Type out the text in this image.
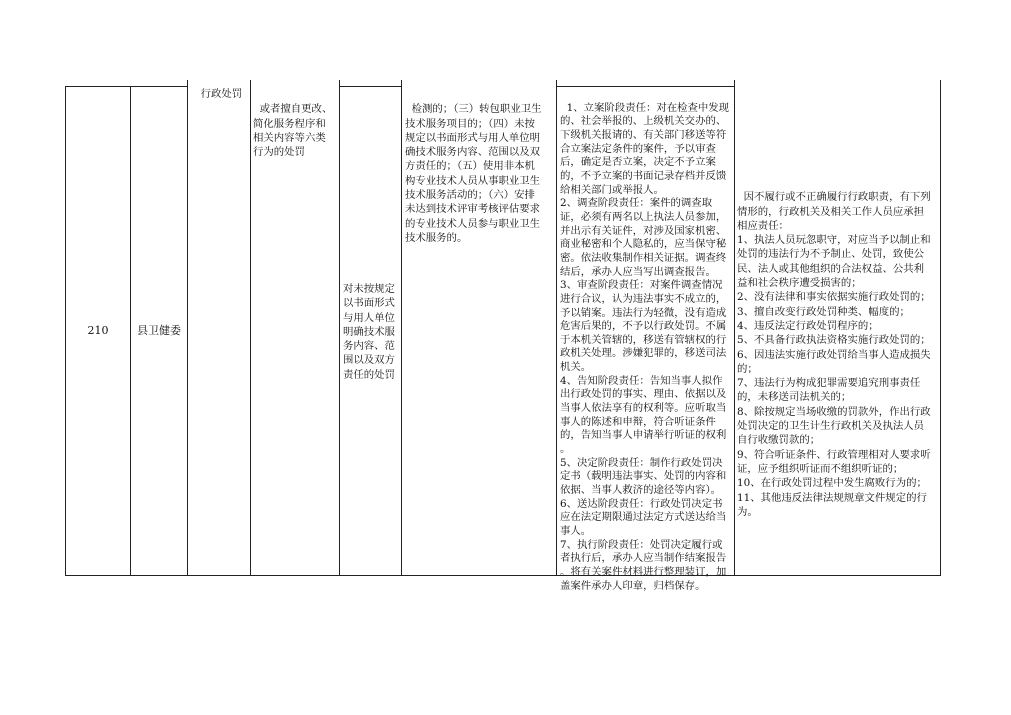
210	县卫健委

行政处罚

或者擅自更改、
简化服务程序和
相关内容等六类
行为的处罚

对未按规定
以书面形式
与用人单位
明确技术服
务内容、范
围以及双方
责任的处罚

检测的；（三）转包职业卫生
技术服务项目的；（四）未按
规定以书面形式与用人单位明
确技术服务内容、范围以及双
方责任的；（五）使用非本机
构专业技术人员从事职业卫生
技术服务活动的；（六）安排
未达到技术评审考核评估要求
的专业技术人员参与职业卫生
技术服务的。

1、立案阶段责任：对在检查中发现
的、社会举报的、上级机关交办的、
下级机关报请的、有关部门移送等符
合立案法定条件的案件，予以审查
后，确定是否立案，决定不予立案
的，不予立案的书面记录存档并反馈
给相关部门或举报人。
2、调查阶段责任：案件的调查取
证，必须有两名以上执法人员参加，
并出示有关证件，对涉及国家机密、
商业秘密和个人隐私的，应当保守秘
密。依法收集制作相关证据。调查终
结后，承办人应当写出调查报告。
3、审查阶段责任：对案件调查情况
进行合议，认为违法事实不成立的，
予以销案。违法行为轻微，没有造成
危害后果的，不予以行政处罚。不属
于本机关管辖的，移送有管辖权的行
政机关处理。涉嫌犯罪的，移送司法
机关。
4、告知阶段责任：告知当事人拟作
出行政处罚的事实、理由、依据以及
当事人依法享有的权利等。应听取当
事人的陈述和申辩，符合听证条件
的，告知当事人申请举行听证的权利
。
5、决定阶段责任：制作行政处罚决
定书（载明违法事实、处罚的内容和
依据、当事人救济的途径等内容）。
6、送达阶段责任：行政处罚决定书
应在法定期限通过法定方式送达给当
事人。
7、执行阶段责任：处罚决定履行或
者执行后，承办人应当制作结案报告
。将有关案件材料进行整理装订，加
盖案件承办人印章，归档保存。

因不履行或不正确履行行政职责，有下列
情形的，行政机关及相关工作人员应承担
相应责任：
1、执法人员玩忽职守，对应当予以制止和
处罚的违法行为不予制止、处罚，致使公
民、法人或其他组织的合法权益、公共利
益和社会秩序遭受损害的；
2、没有法律和事实依据实施行政处罚的；
3、擅自改变行政处罚种类、幅度的；
4、违反法定行政处罚程序的；
5、不具备行政执法资格实施行政处罚的；
6、因违法实施行政处罚给当事人造成损失
的；
7、违法行为构成犯罪需要追究刑事责任
的，未移送司法机关的；
8、除按规定当场收缴的罚款外，作出行政
处罚决定的卫生计生行政机关及执法人员
自行收缴罚款的；
9、符合听证条件、行政管理相对人要求听
证，应予组织听证而不组织听证的；
10、在行政处罚过程中发生腐败行为的；
11、其他违反法律法规规章文件规定的行
为。
